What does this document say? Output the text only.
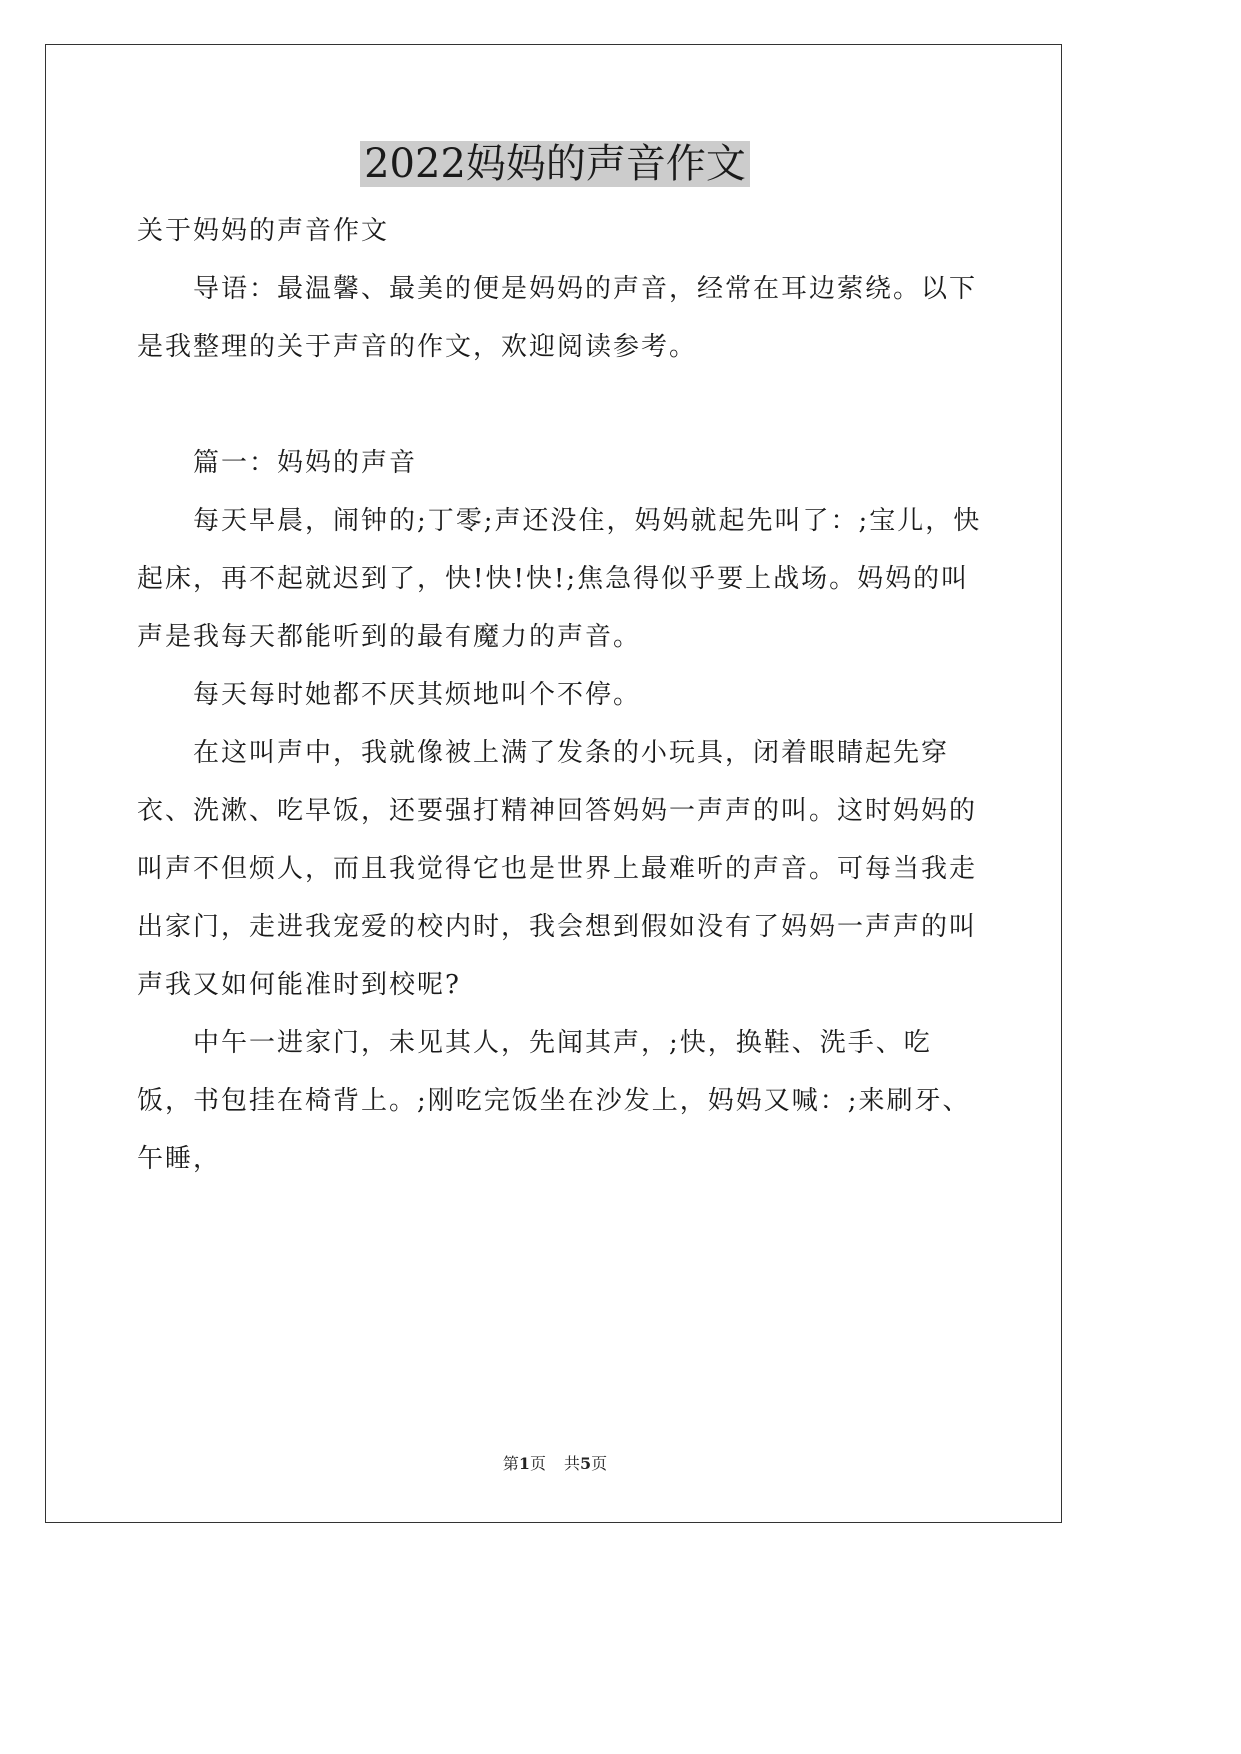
2022妈妈的声音作文

关于妈妈的声音作文

导语：最温馨、最美的便是妈妈的声音，经常在耳边萦绕。以下是我整理的关于声音的作文，欢迎阅读参考。

篇一：妈妈的声音

每天早晨，闹钟的;丁零;声还没住，妈妈就起先叫了：;宝儿，快起床，再不起就迟到了，快!快!快!;焦急得似乎要上战场。妈妈的叫声是我每天都能听到的最有魔力的声音。

每天每时她都不厌其烦地叫个不停。

在这叫声中，我就像被上满了发条的小玩具，闭着眼睛起先穿衣、洗漱、吃早饭，还要强打精神回答妈妈一声声的叫。这时妈妈的叫声不但烦人，而且我觉得它也是世界上最难听的声音。可每当我走出家门，走进我宠爱的校内时，我会想到假如没有了妈妈一声声的叫声我又如何能准时到校呢?

中午一进家门，未见其人，先闻其声，;快，换鞋、洗手、吃饭，书包挂在椅背上。;刚吃完饭坐在沙发上，妈妈又喊：;来刷牙、午睡，

第1页 共5页
